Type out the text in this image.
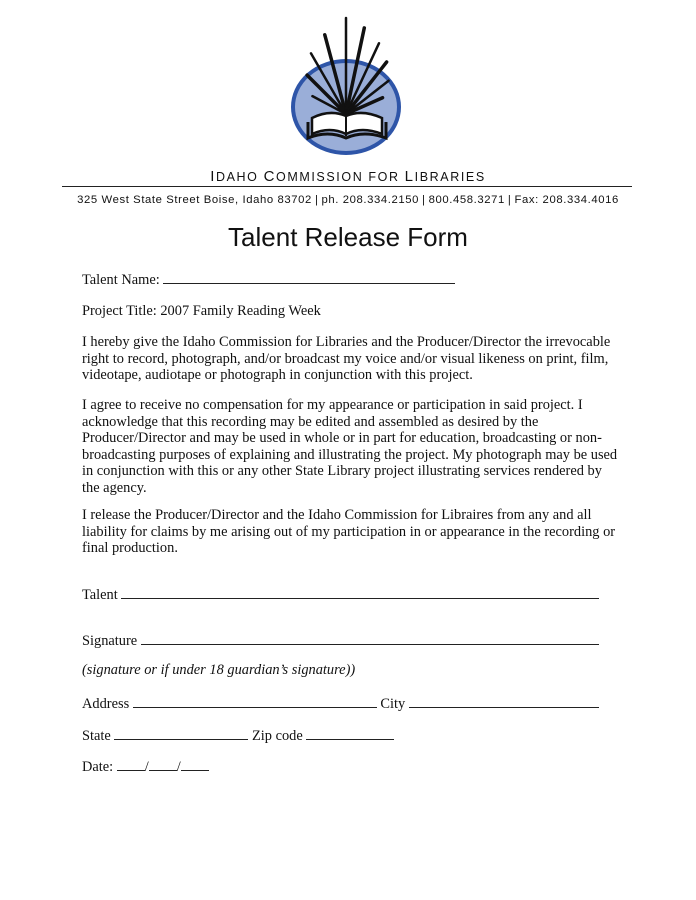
IDAHO COMMISSION FOR LIBRARIES
325 West State Street Boise, Idaho 83702 | ph. 208.334.2150 | 800.458.3271 | Fax: 208.334.4016
Talent Release Form

Talent Name:

Project Title: 2007 Family Reading Week

I hereby give the Idaho Commission for Libraries and the Producer/Director the irrevocable right to record, photograph, and/or broadcast my voice and/or visual likeness on print, film, videotape, audiotape or photograph in conjunction with this project.

I agree to receive no compensation for my appearance or participation in said project. I acknowledge that this recording may be edited and assembled as desired by the Producer/Director and may be used in whole or in part for education, broadcasting or non-broadcasting purposes of explaining and illustrating the project. My photograph may be used in conjunction with this or any other State Library project illustrating services rendered by the agency.

I release the Producer/Director and the Idaho Commission for Libraires from any and all liability for claims by me arising out of my participation in or appearance in the recording or final production.

Talent

Signature

(signature or if under 18 guardian’s signature))

Address	City

State	Zip code

Date: / /
